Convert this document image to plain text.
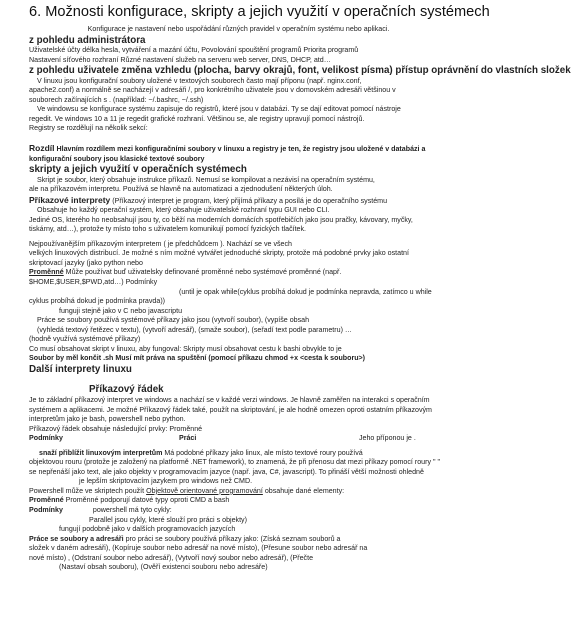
6. Možnosti konfigurace, skripty a jejich využití v operačních systémech

Konfigurace je nastavení nebo uspořádání různých pravidel v operačním systému nebo aplikaci.

z pohledu administrátora

Uživatelské účty délka hesla, vytváření a mazání účtu, Povolování spouštění programů Priorita programů

Nastavení síťového rozhraní Různé nastavení služeb na serveru web server, DNS, DHCP, atd…

z pohledu uživatele změna vzhledu (plocha, barvy okrajů, font, velikost písma) přístup oprávnění do vlastních složek

V linuxu jsou konfigurační soubory uložené v textových souborech často mají příponu (např. nginx.conf,

apache2.conf) a normálně se nacházejí v adresáři /, pro konkrétního uživatele jsou v domovském adresáři většinou v

souborech začínajících s . (například: ~/.bashrc, ~/.ssh)

Ve windowsu se konfigurace systému zapisuje do registrů, které jsou v databázi. Ty se dají editovat pomocí nástroje

regedit. Ve windows 10 a 11 je regedit grafické rozhraní. Většinou se, ale registry upravují pomocí nástrojů.

Registry se rozdělují na několik sekcí:

Rozdíl Hlavním rozdílem mezi konfiguračními soubory v linuxu a registry je ten, že registry jsou uložené v databázi a

konfigurační soubory jsou klasické textové soubory

skripty a jejich využití v operačních systémech

Skript je soubor, který obsahuje instrukce příkazů. Nemusí se kompilovat a nezávisí na operačním systému,

ale na příkazovém interpretu. Používá se hlavně na automatizaci a zjednodušení některých úloh.

Příkazové interprety (Příkazový interpret je program, který přijímá příkazy a posílá je do operačního systému

Obsahuje ho každý operační systém, který obsahuje uživatelské rozhraní typu GUI nebo CLI.

Jediné OS, kterého ho neobsahují jsou ty, co běží na moderních domácích spotřebičích jako jsou pračky, kávovary, myčky,

tiskárny, atd…), protože ty místo toho s uživatelem komunikují pomocí fyzických tlačítek.

Nejpoužívanějším příkazovým interpretem ( je předchůdcem ). Nachází se ve všech

velkých linuxových distribucí. Je možné s ním možné vytvářet jednoduché skripty, protože má podobné prvky jako ostatní

skriptovací jazyky (jako python nebo

Proměnné Může používat buď uživatelsky definované proměnné nebo systémové proměnné (např.

$HOME,$USER,$PWD,atd…) Podmínky

(until je opak while(cyklus probíhá dokud je podmínka nepravda, zatímco u while

cyklus probíhá dokud je podmínka pravda))

funguji stejně jako v C nebo javascriptu

Práce se soubory používá systémové příkazy jako jsou (vytvoří soubor), (vypíše obsah

(vyhledá textový řetězec v textu), (vytvoří adresář), (smaže soubor), (seřadí text podle parametru) …

(hodně využívá systémové příkazy)

Co musí obsahovat skript v linuxu, aby fungoval: Skripty musí obsahovat cestu k bashi obvykle to je

Soubor by měl končit .sh Musí mít práva na spuštění (pomocí příkazu chmod +x <cesta k souboru>)

Další interprety linuxu

Příkazový řádek

Je to základní příkazový interpret ve windows a nachází se v každé verzi windows. Je hlavně zaměřen na interakci s operačním

systémem a aplikacemi. Je možné Příkazový řádek také, použít na skriptování, je ale hodně omezen oproti ostatním příkazovým

interpretům jako je bash, powershell nebo python.

Příkazový řádek obsahuje následující prvky: Proměnné

Podmínky	Práci	Jeho příponou je .

snaží přiblížit linuxovým interpretům Má podobné příkazy jako linux, ale místo textové roury používá

objektovou rouru (protože je založený na platformě .NET framework), to znamená, že při přenosu dat mezi příkazy pomocí roury " "

se nepřenáší jako text, ale jako objekty v programovacím jazyce (např. java, C#, javascript). To přináší větší možnosti ohledně

je lepším skriptovacím jazykem pro windows než CMD.

Powershell může ve skriptech použít Objektově orientované programování obsahuje dané elementy:

Proměnné Proměnné podporují datové typy oproti CMD a bash

Podmínky	powershell má tyto cykly:

Parallel jsou cykly, které slouží pro práci s objekty)

fungují podobně jako v dalších programovacích jazycích

Práce se soubory a adresáři pro práci se soubory používá příkazy jako: (Získá seznam souborů a

složek v daném adresáři), (Kopíruje soubor nebo adresář na nové místo), (Přesune soubor nebo adresář na

nové místo) , (Odstraní soubor nebo adresář), (Vytvoří nový soubor nebo adresář), (Přečte

(Nastaví obsah souboru), (Ověří existenci souboru nebo adresáře)
